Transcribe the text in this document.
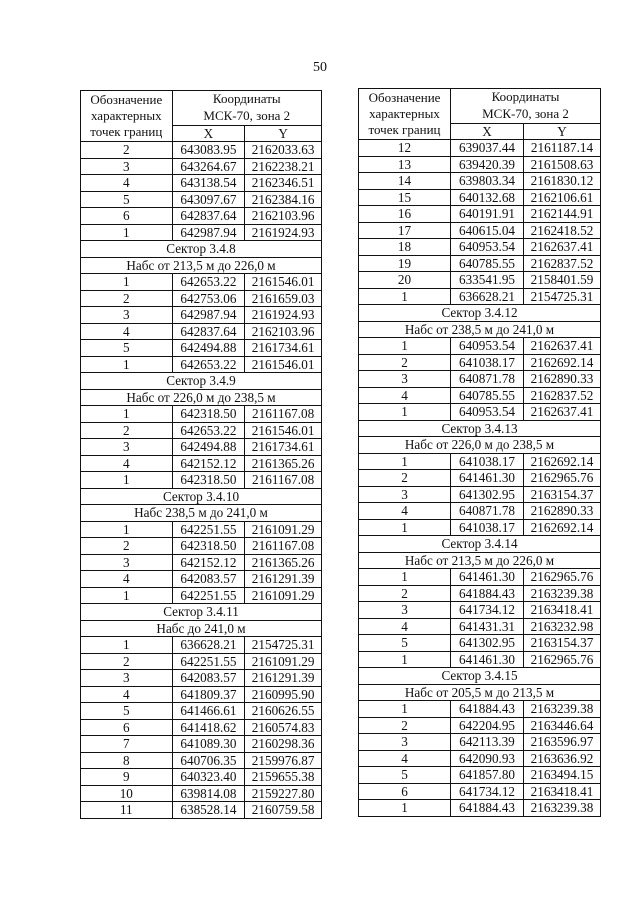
50
Обозначение
характерных
точек границ	Координаты
МСК-70, зона 2	
	X	Y
2	643083.95	2162033.63
3	643264.67	2162238.21
4	643138.54	2162346.51
5	643097.67	2162384.16
6	642837.64	2162103.96
1	642987.94	2161924.93
Сектор 3.4.8		
Набс от 213,5 м до 226,0 м		
1	642653.22	2161546.01
2	642753.06	2161659.03
3	642987.94	2161924.93
4	642837.64	2162103.96
5	642494.88	2161734.61
1	642653.22	2161546.01
Сектор 3.4.9		
Набс от 226,0 м до 238,5 м		
1	642318.50	2161167.08
2	642653.22	2161546.01
3	642494.88	2161734.61
4	642152.12	2161365.26
1	642318.50	2161167.08
Сектор 3.4.10		
Набс 238,5 м до 241,0 м		
1	642251.55	2161091.29
2	642318.50	2161167.08
3	642152.12	2161365.26
4	642083.57	2161291.39
1	642251.55	2161091.29
Сектор 3.4.11		
Набс до 241,0 м		
1	636628.21	2154725.31
2	642251.55	2161091.29
3	642083.57	2161291.39
4	641809.37	2160995.90
5	641466.61	2160626.55
6	641418.62	2160574.83
7	641089.30	2160298.36
8	640706.35	2159976.87
9	640323.40	2159655.38
10	639814.08	2159227.80
11	638528.14	2160759.58
Обозначение
характерных
точек границ	Координаты
МСК-70, зона 2	
	X	Y
12	639037.44	2161187.14
13	639420.39	2161508.63
14	639803.34	2161830.12
15	640132.68	2162106.61
16	640191.91	2162144.91
17	640615.04	2162418.52
18	640953.54	2162637.41
19	640785.55	2162837.52
20	633541.95	2158401.59
1	636628.21	2154725.31
Сектор 3.4.12		
Набс от 238,5 м до 241,0 м		
1	640953.54	2162637.41
2	641038.17	2162692.14
3	640871.78	2162890.33
4	640785.55	2162837.52
1	640953.54	2162637.41
Сектор 3.4.13		
Набс от 226,0 м до 238,5 м		
1	641038.17	2162692.14
2	641461.30	2162965.76
3	641302.95	2163154.37
4	640871.78	2162890.33
1	641038.17	2162692.14
Сектор 3.4.14		
Набс от 213,5 м до 226,0 м		
1	641461.30	2162965.76
2	641884.43	2163239.38
3	641734.12	2163418.41
4	641431.31	2163232.98
5	641302.95	2163154.37
1	641461.30	2162965.76
Сектор 3.4.15		
Набс от 205,5 м до 213,5 м		
1	641884.43	2163239.38
2	642204.95	2163446.64
3	642113.39	2163596.97
4	642090.93	2163636.92
5	641857.80	2163494.15
6	641734.12	2163418.41
1	641884.43	2163239.38
